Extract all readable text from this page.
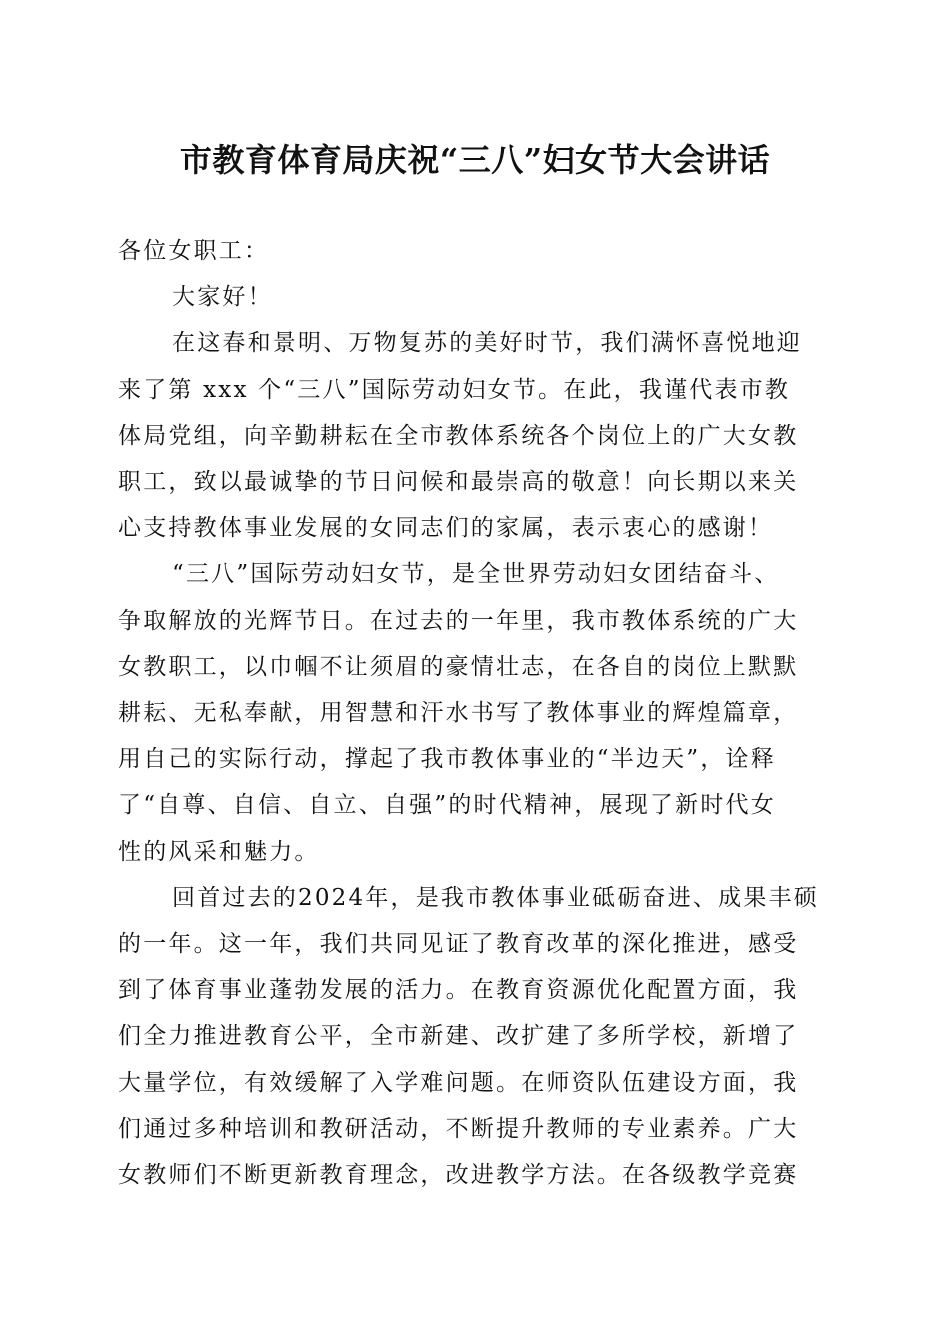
市教育体育局庆祝“三八”妇女节大会讲话

各位女职工：

大家好！

在这春和景明、万物复苏的美好时节，我们满怀喜悦地迎
来了第 xxx 个“三八”国际劳动妇女节。在此，我谨代表市教
体局党组，向辛勤耕耘在全市教体系统各个岗位上的广大女教
职工，致以最诚挚的节日问候和最崇高的敬意！向长期以来关
心支持教体事业发展的女同志们的家属，表示衷心的感谢！

“三八”国际劳动妇女节，是全世界劳动妇女团结奋斗、
争取解放的光辉节日。在过去的一年里，我市教体系统的广大
女教职工，以巾帼不让须眉的豪情壮志，在各自的岗位上默默
耕耘、无私奉献，用智慧和汗水书写了教体事业的辉煌篇章，
用自己的实际行动，撑起了我市教体事业的“半边天”，诠释
了“自尊、自信、自立、自强”的时代精神，展现了新时代女
性的风采和魅力。

回首过去的2024年，是我市教体事业砥砺奋进、成果丰硕
的一年。这一年，我们共同见证了教育改革的深化推进，感受
到了体育事业蓬勃发展的活力。在教育资源优化配置方面，我
们全力推进教育公平，全市新建、改扩建了多所学校，新增了
大量学位，有效缓解了入学难问题。在师资队伍建设方面，我
们通过多种培训和教研活动，不断提升教师的专业素养。广大
女教师们不断更新教育理念，改进教学方法。在各级教学竞赛
